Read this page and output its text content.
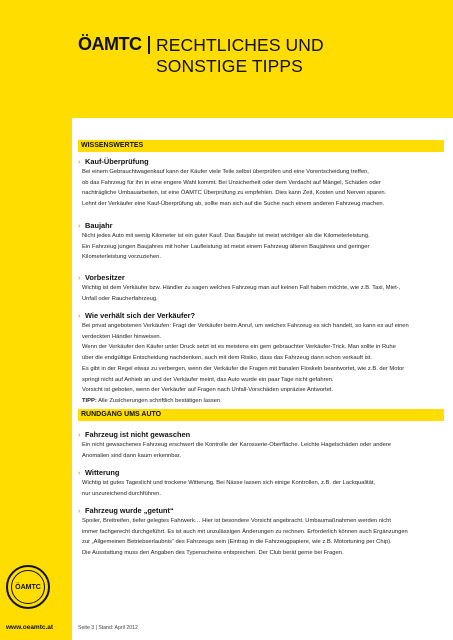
ÖAMTC RECHTLICHES UND
SONSTIGE TIPPS
ÖAMTC
www.oeamtc.at
WISSENSWERTES
› Kauf-Überprüfung
Bei einem Gebrauchtwagenkauf kann der Käufer viele Teile selbst überprüfen und eine Vorentscheidung treffen,
ob das Fahrzeug für ihn in eine engere Wahl kommt. Bei Unsicherheit oder dem Verdacht auf Mängel, Schäden oder
nachträgliche Umbauarbeiten, ist eine ÖAMTC Überprüfung zu empfehlen. Dies kann Zeit, Kosten und Nerven sparen.
Lehnt der Verkäufer eine Kauf-Überprüfung ab, sollte man sich auf die Suche nach einem anderen Fahrzeug machen.
› Baujahr
Nicht jedes Auto mit wenig Kilometer ist ein guter Kauf. Das Baujahr ist meist wichtiger als die Kilometerleistung.
Ein Fahrzeug jungen Baujahres mit hoher Laufleistung ist meist einem Fahrzeug älteren Baujahres und geringer
Kilometerleistung vorzuziehen.
› Vorbesitzer
Wichtig ist dem Verkäufer bzw. Händler zu sagen welches Fahrzeug man auf keinen Fall haben möchte, wie z.B. Taxi, Miet-,
Unfall oder Raucherfahrzeug.
› Wie verhält sich der Verkäufer?
Bei privat angebotenen Verkäufen: Fragt der Verkäufer beim Anruf, um welches Fahrzeug es sich handelt, so kann es auf einen
verdeckten Händler hinweisen.
Wenn der Verkäufer den Käufer unter Druck setzt ist es meistens ein gern gebrauchter Verkäufer-Trick. Man sollte in Ruhe
über die endgültige Entscheidung nachdenken, auch mit dem Risiko, dass das Fahrzeug dann schon verkauft ist.
Es gibt in der Regel etwas zu verbergen, wenn der Verkäufer die Fragen mit banalen Floskeln beantwortet, wie z.B. der Motor
springt nicht auf Anhieb an und der Verkäufer meint, das Auto wurde ein paar Tage nicht gefahren.
Vorsicht ist geboten, wenn der Verkäufer auf Fragen nach Unfall-Vorschäden unpräzise Antwortet.
TIPP: Alle Zusicherungen schriftlich bestätigen lassen.
RUNDGANG UMS AUTO
› Fahrzeug ist nicht gewaschen
Ein nicht gewaschenes Fahrzeug erschwert die Kontrolle der Karosserie-Oberfläche. Leichte Hagelschäden oder andere
Anomalien sind dann kaum erkennbar.
› Witterung
Wichtig ist gutes Tageslicht und trockene Witterung. Bei Nässe lassen sich einige Kontrollen, z.B. der Lackqualität,
nur unzureichend durchführen.
› Fahrzeug wurde „getunt“
Spoiler, Breitreifen, tiefer gelegtes Fahrwerk… Hier ist besondere Vorsicht angebracht. Umbaumaßnahmen werden nicht
immer fachgerecht durchgeführt. Es ist auch mit unzulässigen Änderungen zu rechnen. Erforderlich können auch Ergänzungen
zur „Allgemeinen Betriebserlaubnis“ des Fahrzeugs sein (Eintrag in die Fahrzeugpapiere, wie z.B. Motortuning per Chip).
Die Ausstattung muss den Angaben des Typenscheins entsprechen. Der Club berät gerne bei Fragen.
Seite 3 | Stand: April 2012
